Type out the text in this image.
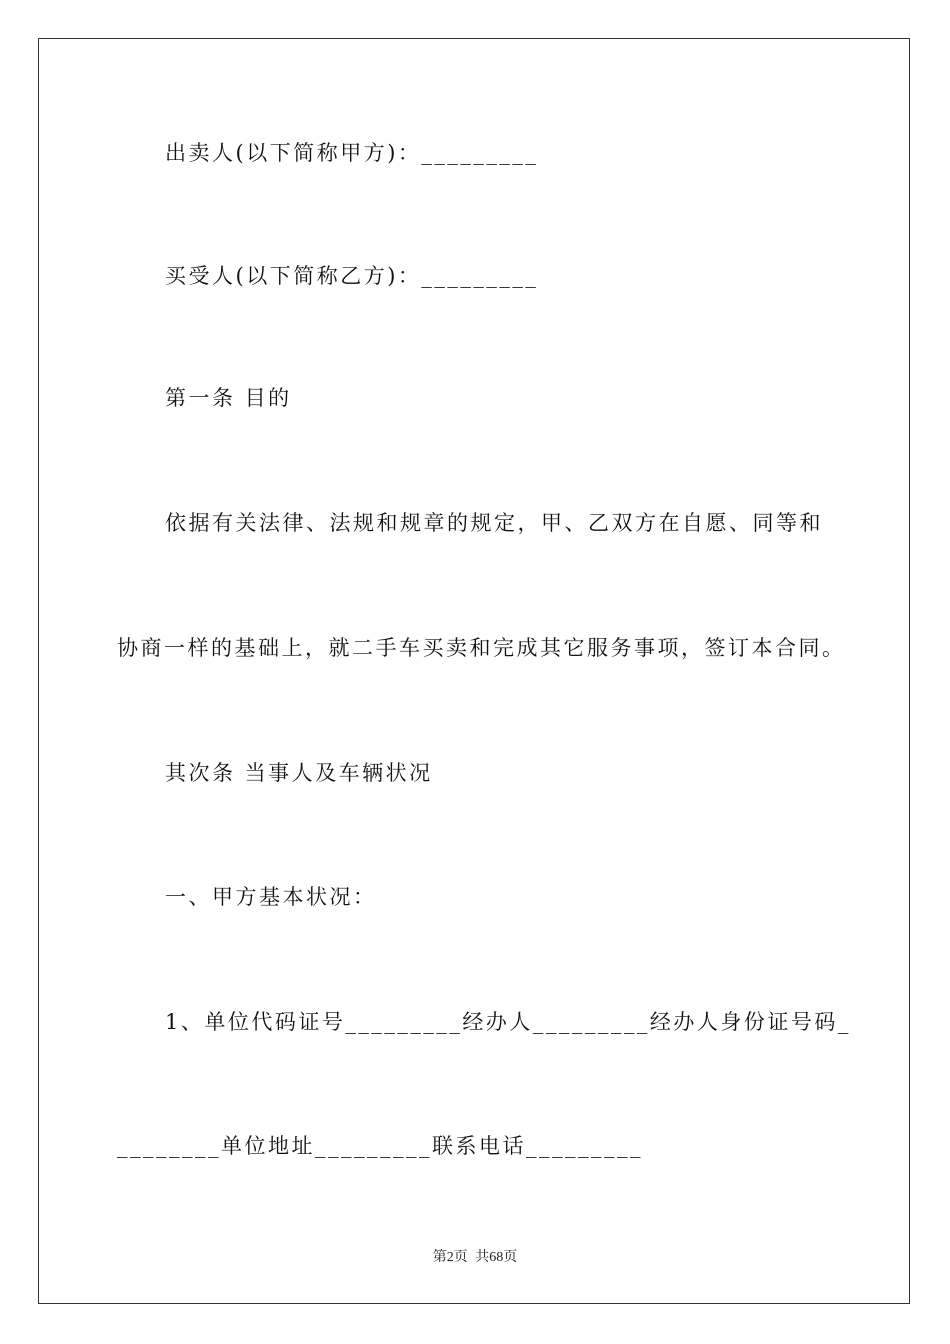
出卖人(以下简称甲方)：_________
买受人(以下简称乙方)：_________
第一条 目的
依据有关法律、法规和规章的规定，甲、乙双方在自愿、同等和
协商一样的基础上，就二手车买卖和完成其它服务事项，签订本合同。
其次条 当事人及车辆状况
一、甲方基本状况：
1、单位代码证号_________经办人_________经办人身份证号码_
________单位地址_________联系电话_________
第2页 共68页
